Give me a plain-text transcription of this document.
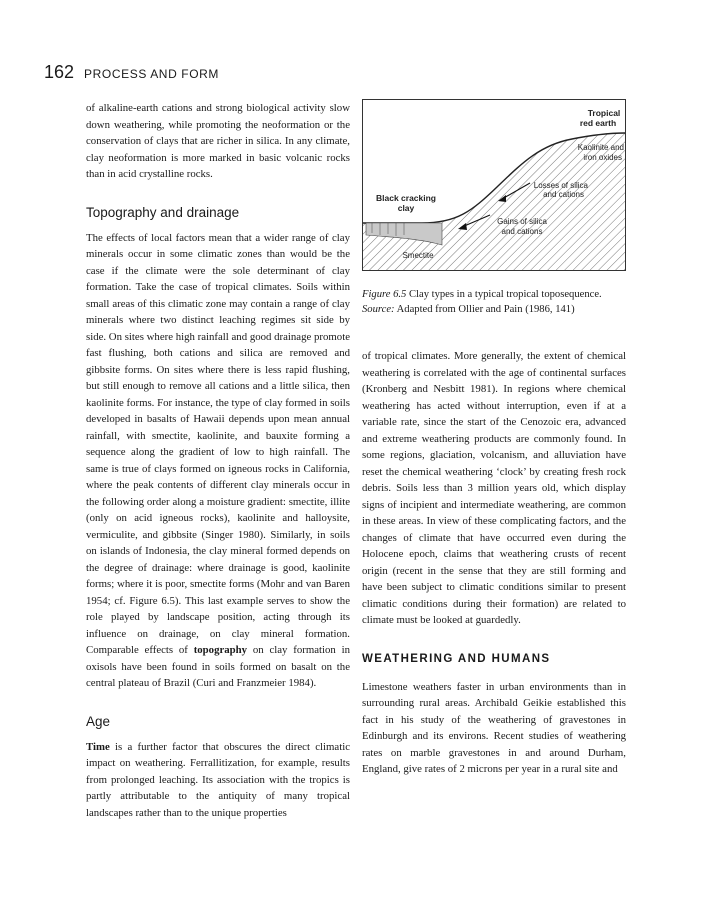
162 PROCESS AND FORM

of alkaline-earth cations and strong biological activity slow down weathering, while promoting the neoformation or the conservation of clays that are richer in silica. In any climate, clay neoformation is more marked in basic volcanic rocks than in acid crystalline rocks.

Topography and drainage

The effects of local factors mean that a wider range of clay minerals occur in some climatic zones than would be the case if the climate were the sole determinant of clay formation. Take the case of tropical climates. Soils within small areas of this climatic zone may contain a range of clay minerals where two distinct leaching regimes sit side by side. On sites where high rainfall and good drainage promote fast flushing, both cations and silica are removed and gibbsite forms. On sites where there is less rapid flushing, but still enough to remove all cations and a little silica, then kaolinite forms. For instance, the type of clay formed in soils developed in basalts of Hawaii depends upon mean annual rainfall, with smectite, kaolinite, and bauxite forming a sequence along the gradient of low to high rainfall. The same is true of clays formed on igneous rocks in California, where the peak contents of different clay minerals occur in the following order along a moisture gradient: smectite, illite (only on acid igneous rocks), kaolinite and halloysite, vermiculite, and gibbsite (Singer 1980). Similarly, in soils on islands of Indonesia, the clay mineral formed depends on the degree of drainage: where drainage is good, kaolinite forms; where it is poor, smectite forms (Mohr and van Baren 1954; cf. Figure 6.5). This last example serves to show the role played by landscape position, acting through its influence on drainage, on clay mineral formation. Comparable effects of topography on clay formation in oxisols have been found in soils formed on basalt on the central plateau of Brazil (Curi and Franzmeier 1984).

Age

Time is a further factor that obscures the direct climatic impact on weathering. Ferrallitization, for example, results from prolonged leaching. Its association with the tropics is partly attributable to the antiquity of many tropical landscapes rather than to the unique properties

Tropical
red earth
Kaolinite and
iron oxides
Losses of silica
and cations
Black cracking
clay
Gains of silica
and cations
Smectite
Figure 6.5 Clay types in a typical tropical toposequence.
Source: Adapted from Ollier and Pain (1986, 141)

of tropical climates. More generally, the extent of chemical weathering is correlated with the age of continental surfaces (Kronberg and Nesbitt 1981). In regions where chemical weathering has acted without interruption, even if at a variable rate, since the start of the Cenozoic era, advanced and extreme weathering products are commonly found. In some regions, glaciation, volcanism, and alluviation have reset the chemical weathering ‘clock’ by creating fresh rock debris. Soils less than 3 million years old, which display signs of incipient and intermediate weathering, are common in these areas. In view of these complicating factors, and the changes of climate that have occurred even during the Holocene epoch, claims that weathering crusts of recent origin (recent in the sense that they are still forming and have been subject to climatic conditions similar to present climatic conditions during their formation) are related to climate must be looked at guardedly.

WEATHERING AND HUMANS

Limestone weathers faster in urban environments than in surrounding rural areas. Archibald Geikie established this fact in his study of the weathering of gravestones in Edinburgh and its environs. Recent studies of weathering rates on marble gravestones in and around Durham, England, give rates of 2 microns per year in a rural site and
